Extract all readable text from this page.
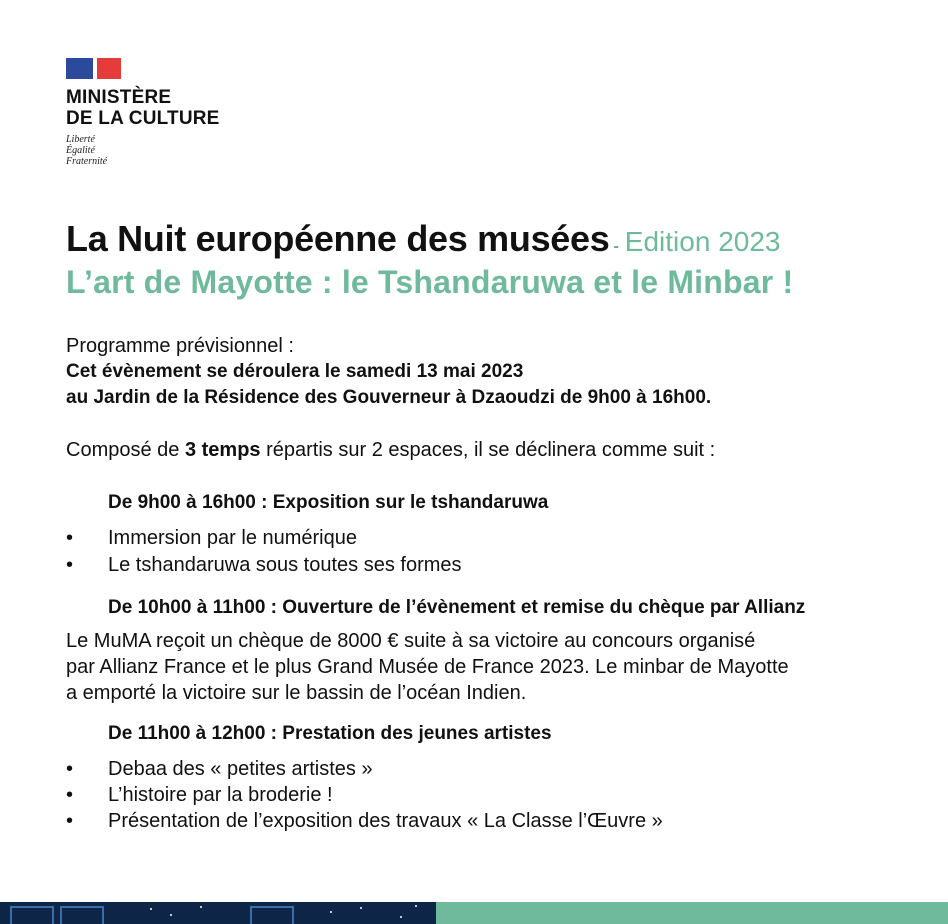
MINISTÈRE
DE LA CULTURE
Liberté
Égalité
Fraternité
La Nuit européenne des musées - Edition 2023
L’art de Mayotte : le Tshandaruwa et le Minbar !
Programme prévisionnel :
Cet évènement se déroulera le samedi 13 mai 2023
au Jardin de la Résidence des Gouverneur à Dzaoudzi de 9h00 à 16h00.
Composé de 3 temps répartis sur 2 espaces, il se déclinera comme suit :
De 9h00 à 16h00 : Exposition sur le tshandaruwa
• Immersion par le numérique
• Le tshandaruwa sous toutes ses formes
De 10h00 à 11h00 : Ouverture de l’évènement et remise du chèque par Allianz
Le MuMA reçoit un chèque de 8000 € suite à sa victoire au concours organisé
par Allianz France et le plus Grand Musée de France 2023. Le minbar de Mayotte
a emporté la victoire sur le bassin de l’océan Indien.
De 11h00 à 12h00 : Prestation des jeunes artistes
• Debaa des « petites artistes »
• L’histoire par la broderie !
• Présentation de l’exposition des travaux « La Classe l’Œuvre »
